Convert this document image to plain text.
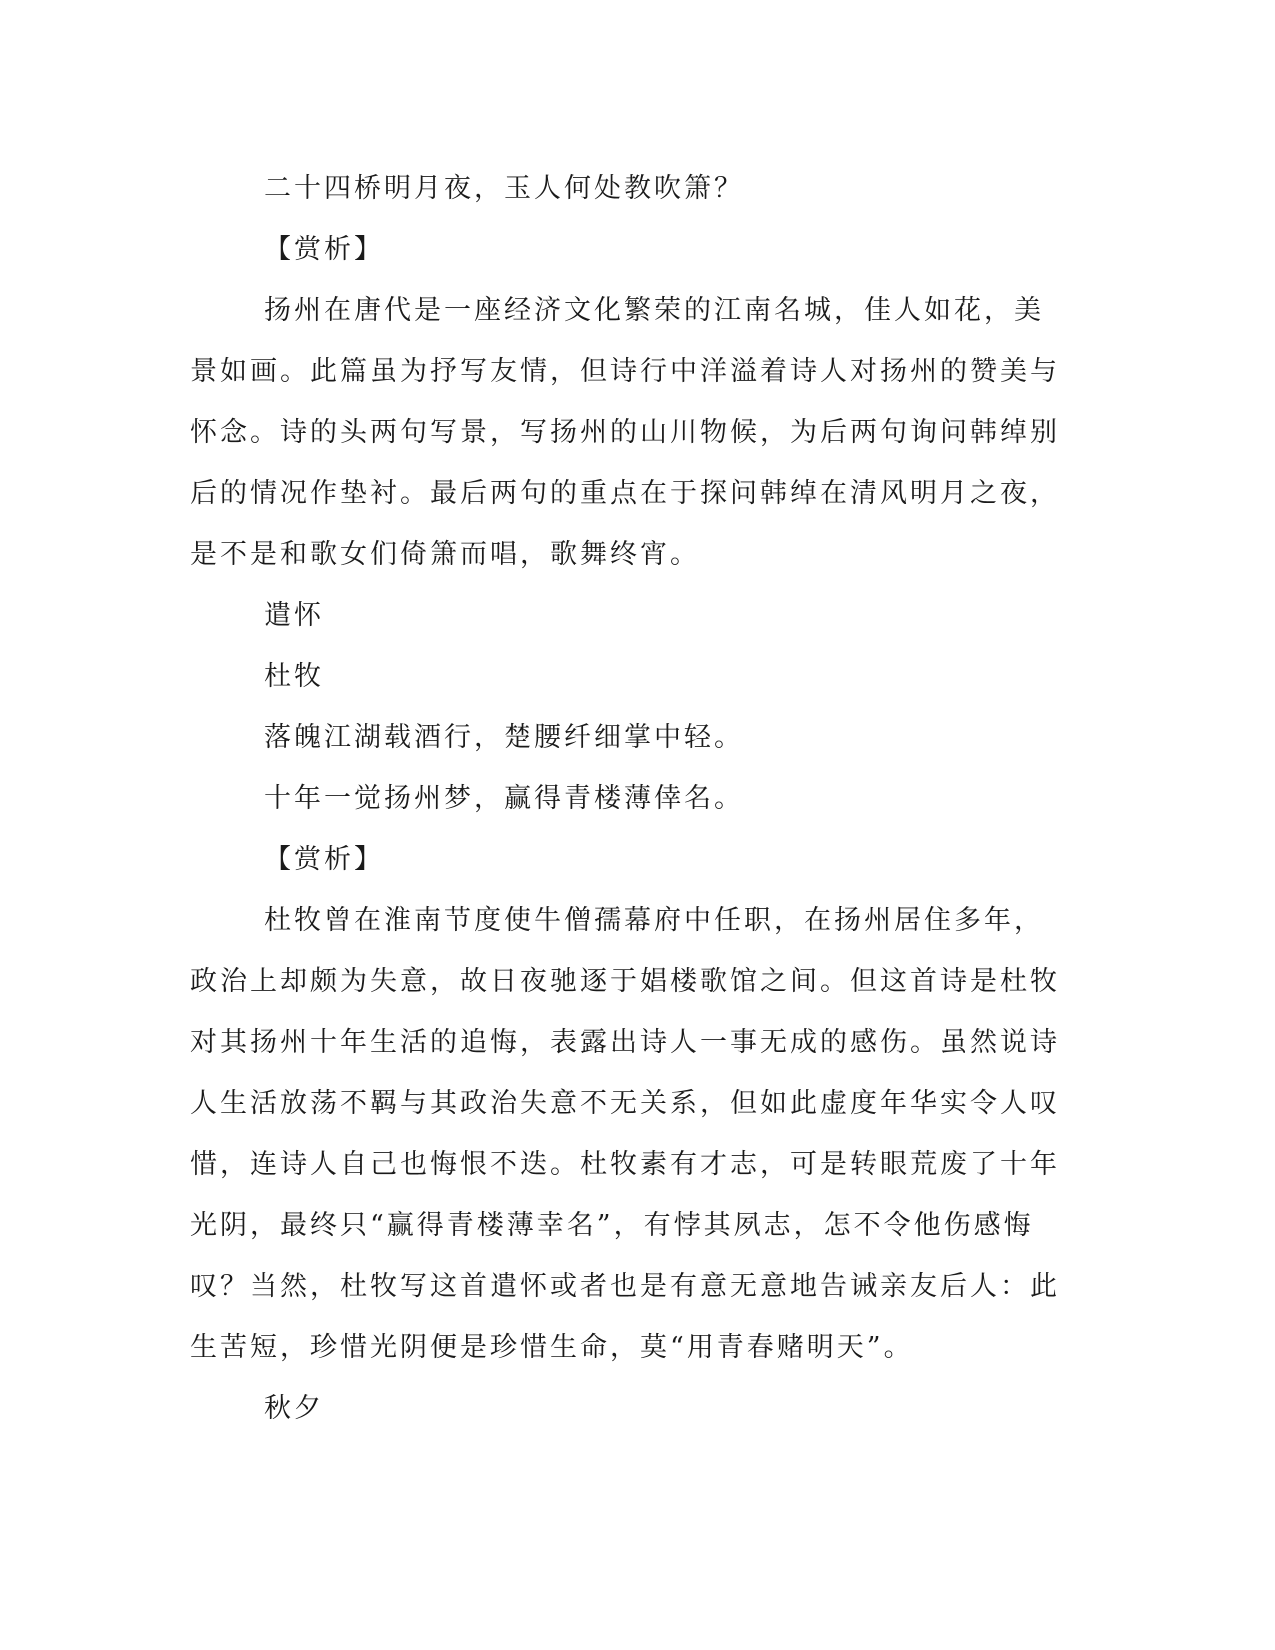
二十四桥明月夜，玉人何处教吹箫？

【赏析】

扬州在唐代是一座经济文化繁荣的江南名城，佳人如花，美景如画。此篇虽为抒写友情，但诗行中洋溢着诗人对扬州的赞美与怀念。诗的头两句写景，写扬州的山川物候，为后两句询问韩绰别后的情况作垫衬。最后两句的重点在于探问韩绰在清风明月之夜，是不是和歌女们倚箫而唱，歌舞终宵。

遣怀

杜牧

落魄江湖载酒行，楚腰纤细掌中轻。

十年一觉扬州梦，赢得青楼薄倖名。

【赏析】

杜牧曾在淮南节度使牛僧孺幕府中任职，在扬州居住多年，政治上却颇为失意，故日夜驰逐于娼楼歌馆之间。但这首诗是杜牧对其扬州十年生活的追悔，表露出诗人一事无成的感伤。虽然说诗人生活放荡不羁与其政治失意不无关系，但如此虚度年华实令人叹惜，连诗人自己也悔恨不迭。杜牧素有才志，可是转眼荒废了十年光阴，最终只“赢得青楼薄幸名”，有悖其夙志，怎不令他伤感悔叹？当然，杜牧写这首遣怀或者也是有意无意地告诫亲友后人：此生苦短，珍惜光阴便是珍惜生命，莫“用青春赌明天”。

秋夕
